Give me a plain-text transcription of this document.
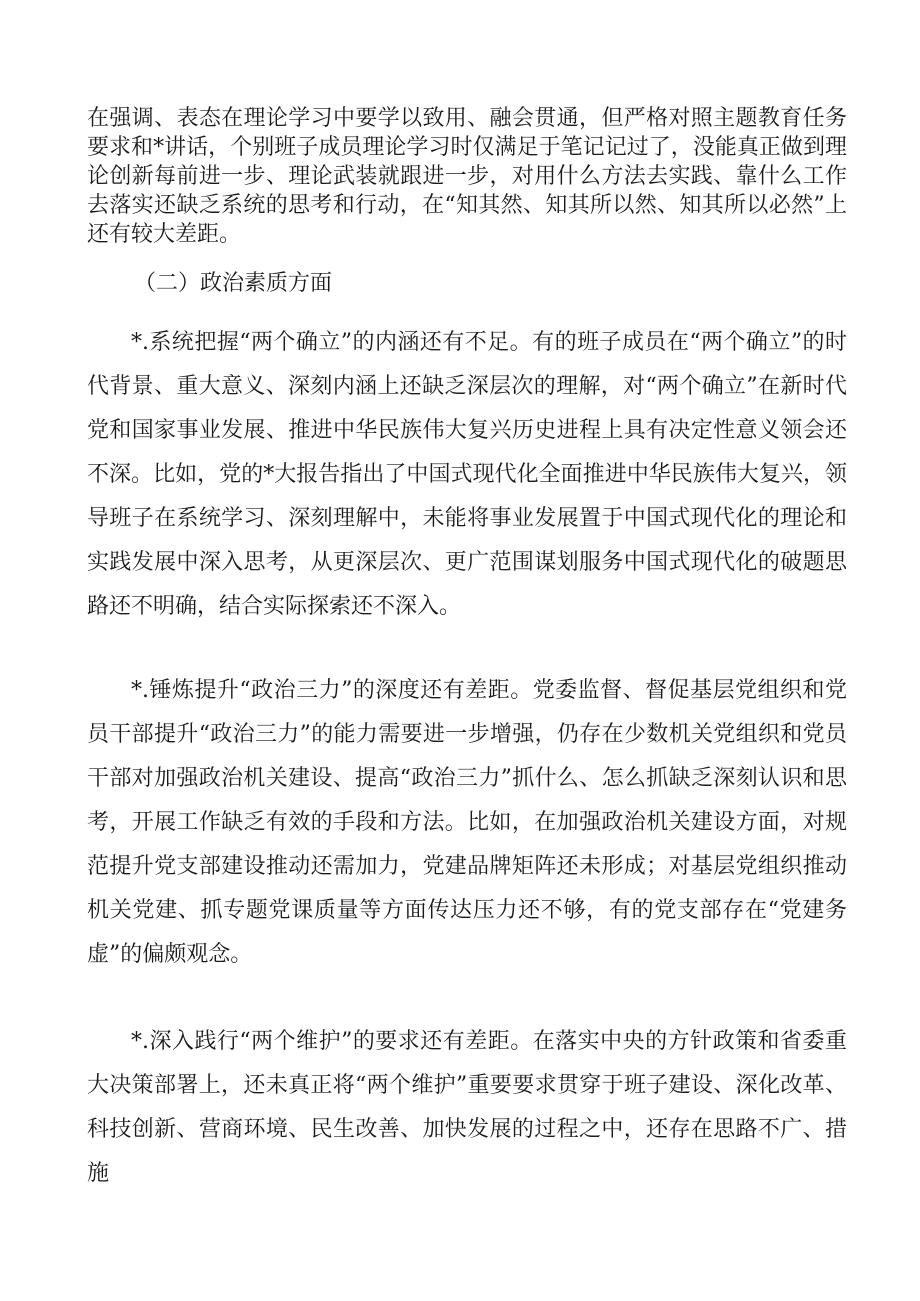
在强调、表态在理论学习中要学以致用、融会贯通，但严格对照主题教育任务要求和*讲话，个别班子成员理论学习时仅满足于笔记记过了，没能真正做到理论创新每前进一步、理论武装就跟进一步，对用什么方法去实践、靠什么工作去落实还缺乏系统的思考和行动，在“知其然、知其所以然、知其所以必然”上还有较大差距。

（二）政治素质方面

*.系统把握“两个确立”的内涵还有不足。有的班子成员在“两个确立”的时代背景、重大意义、深刻内涵上还缺乏深层次的理解，对“两个确立”在新时代党和国家事业发展、推进中华民族伟大复兴历史进程上具有决定性意义领会还不深。比如，党的*大报告指出了中国式现代化全面推进中华民族伟大复兴，领导班子在系统学习、深刻理解中，未能将事业发展置于中国式现代化的理论和实践发展中深入思考，从更深层次、更广范围谋划服务中国式现代化的破题思路还不明确，结合实际探索还不深入。

*.锤炼提升“政治三力”的深度还有差距。党委监督、督促基层党组织和党员干部提升“政治三力”的能力需要进一步增强，仍存在少数机关党组织和党员干部对加强政治机关建设、提高“政治三力”抓什么、怎么抓缺乏深刻认识和思考，开展工作缺乏有效的手段和方法。比如，在加强政治机关建设方面，对规范提升党支部建设推动还需加力，党建品牌矩阵还未形成；对基层党组织推动机关党建、抓专题党课质量等方面传达压力还不够，有的党支部存在“党建务虚”的偏颇观念。

*.深入践行“两个维护”的要求还有差距。在落实中央的方针政策和省委重大决策部署上，还未真正将“两个维护”重要要求贯穿于班子建设、深化改革、科技创新、营商环境、民生改善、加快发展的过程之中，还存在思路不广、措施
